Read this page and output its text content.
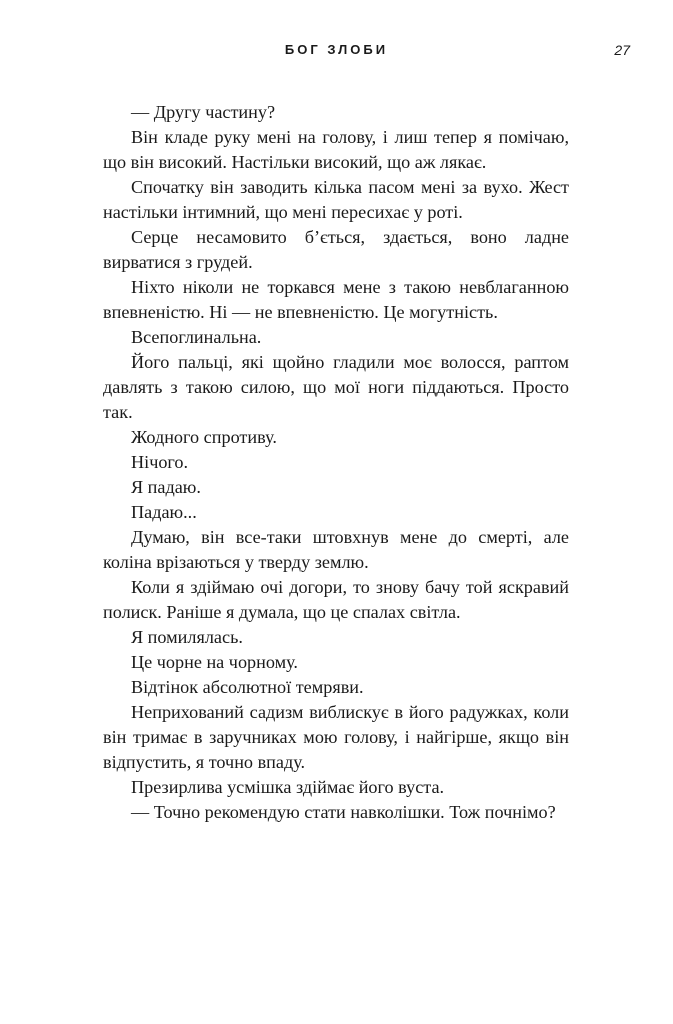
БОГ ЗЛОБИ	27

— Другу частину?

Він кладе руку мені на голову, і лиш тепер я помічаю, що він високий. Настільки високий, що аж лякає.

Спочатку він заводить кілька пасом мені за вухо. Жест настільки інтимний, що мені пересихає у роті.

Серце несамовито б’ється, здається, воно ладне вирватися з грудей.

Ніхто ніколи не торкався мене з такою невблаганною впевненістю. Ні — не впевненістю. Це могутність.

Всепоглинальна.

Його пальці, які щойно гладили моє волосся, раптом давлять з такою силою, що мої ноги піддаються. Просто так.

Жодного спротиву.

Нічого.

Я падаю.

Падаю...

Думаю, він все-таки штовхнув мене до смерті, але коліна врізаються у тверду землю.

Коли я здіймаю очі догори, то знову бачу той яскравий полиск. Раніше я думала, що це спалах світла.

Я помилялась.

Це чорне на чорному.

Відтінок абсолютної темряви.

Неприхований садизм виблискує в його радужках, коли він тримає в заручниках мою голову, і найгірше, якщо він відпустить, я точно впаду.

Презирлива усмішка здіймає його вуста.

— Точно рекомендую стати навколішки. Тож почнімо?
